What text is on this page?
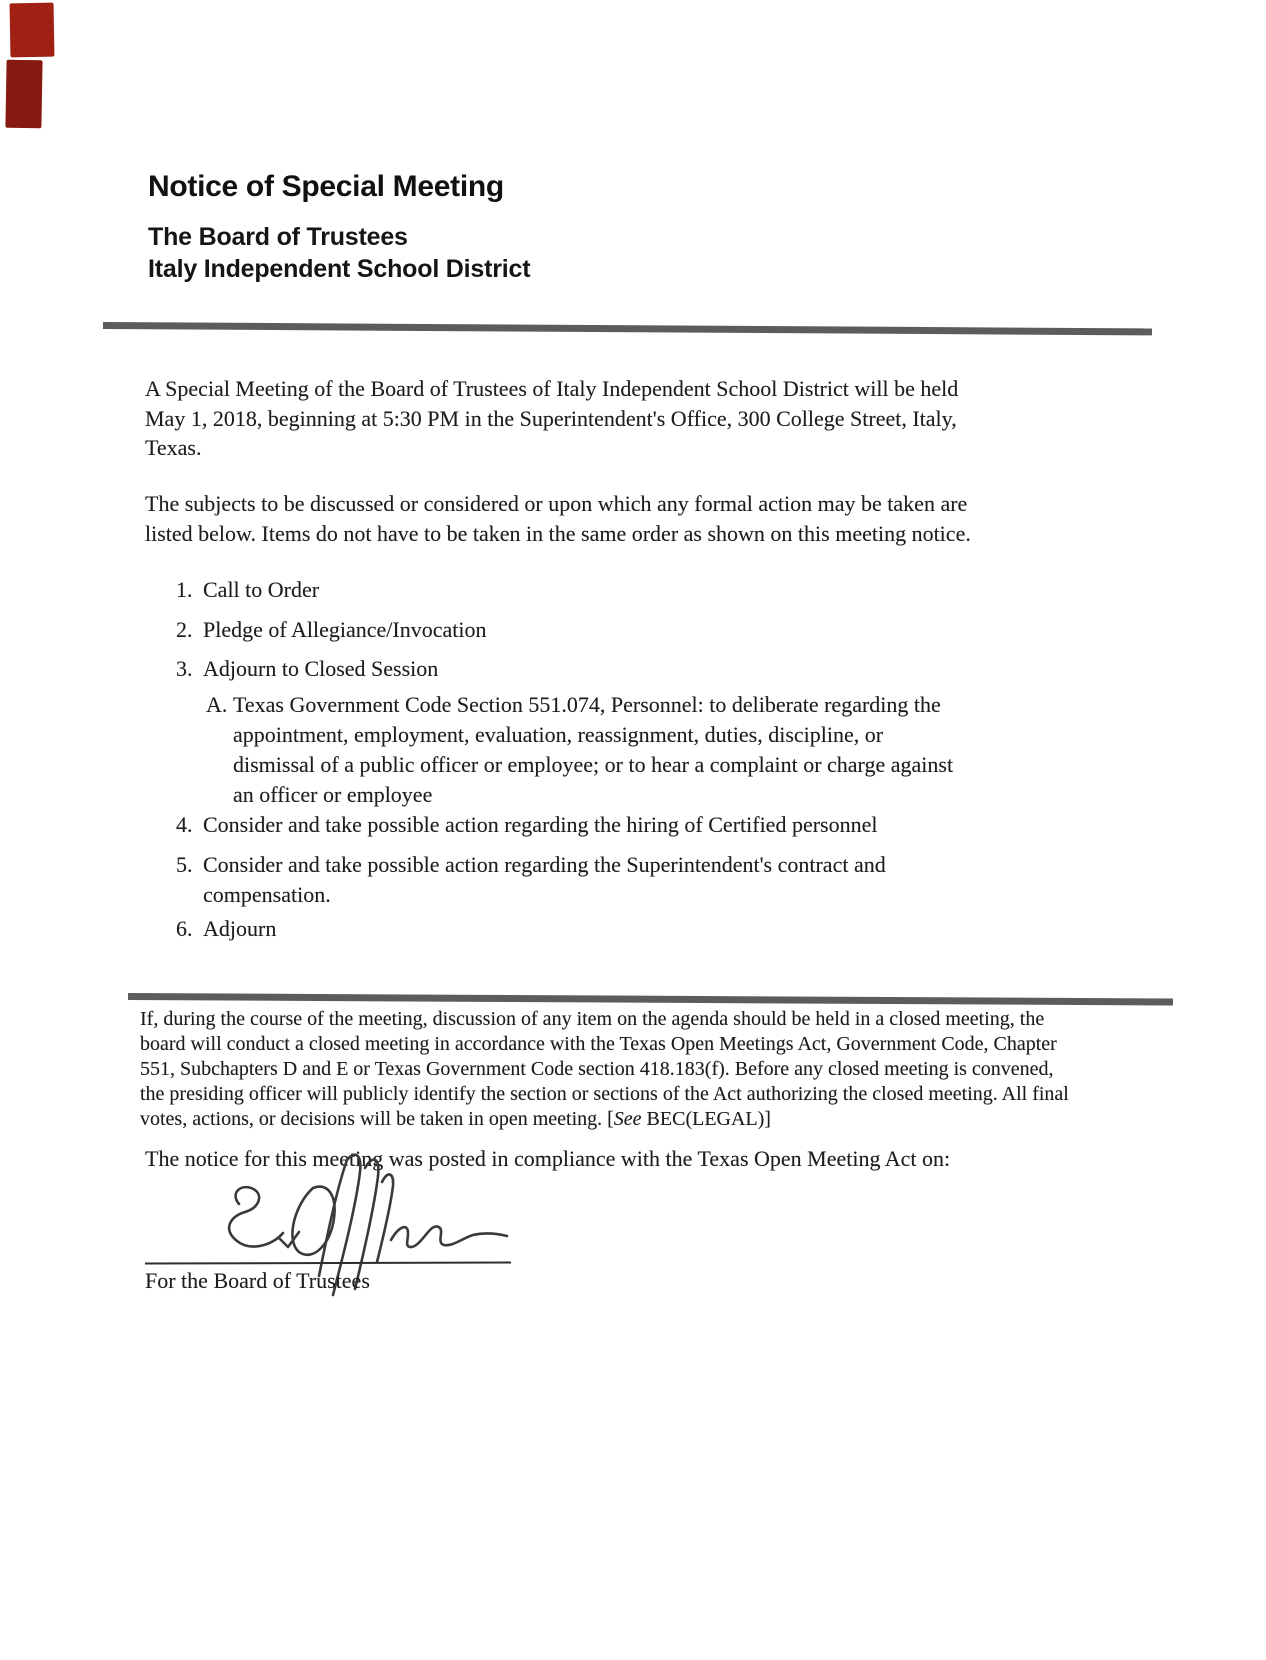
Notice of Special Meeting
The Board of Trustees
Italy Independent School District
A Special Meeting of the Board of Trustees of Italy Independent School District will be held
May 1, 2018, beginning at 5:30 PM in the Superintendent's Office, 300 College Street, Italy,
Texas.
The subjects to be discussed or considered or upon which any formal action may be taken are
listed below. Items do not have to be taken in the same order as shown on this meeting notice.
1. Call to Order
2. Pledge of Allegiance/Invocation
3. Adjourn to Closed Session
A. Texas Government Code Section 551.074, Personnel: to deliberate regarding the
appointment, employment, evaluation, reassignment, duties, discipline, or
dismissal of a public officer or employee; or to hear a complaint or charge against
an officer or employee
4. Consider and take possible action regarding the hiring of Certified personnel
5. Consider and take possible action regarding the Superintendent's contract and
compensation.
6. Adjourn
If, during the course of the meeting, discussion of any item on the agenda should be held in a closed meeting, the
board will conduct a closed meeting in accordance with the Texas Open Meetings Act, Government Code, Chapter
551, Subchapters D and E or Texas Government Code section 418.183(f). Before any closed meeting is convened,
the presiding officer will publicly identify the section or sections of the Act authorizing the closed meeting. All final
votes, actions, or decisions will be taken in open meeting. [See BEC(LEGAL)]
The notice for this meeting was posted in compliance with the Texas Open Meeting Act on:
For the Board of Trustees
